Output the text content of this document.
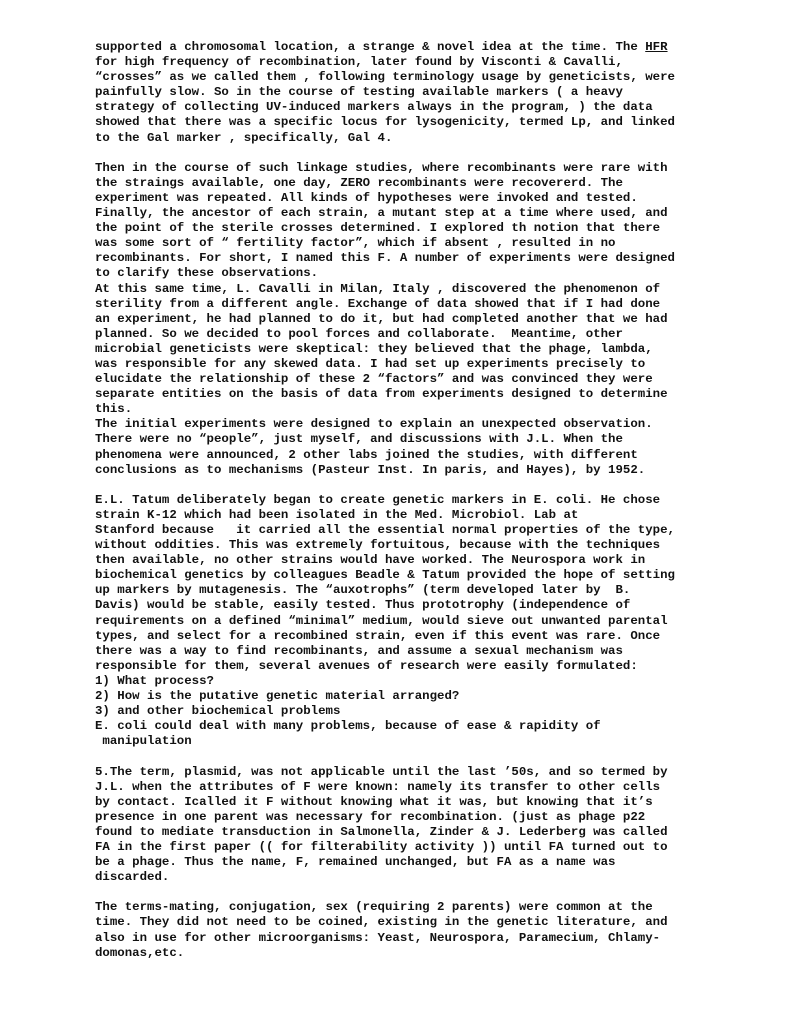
supported a chromosomal location, a strange & novel idea at the time. The HFR
for high frequency of recombination, later found by Visconti & Cavalli,
“crosses” as we called them , following terminology usage by geneticists, were
painfully slow. So in the course of testing available markers ( a heavy
strategy of collecting UV-induced markers always in the program, ) the data
showed that there was a specific locus for lysogenicity, termed Lp, and linked
to the Gal marker , specifically, Gal 4.
Then in the course of such linkage studies, where recombinants were rare with
the straings available, one day, ZERO recombinants were recovererd. The
experiment was repeated. All kinds of hypotheses were invoked and tested.
Finally, the ancestor of each strain, a mutant step at a time where used, and
the point of the sterile crosses determined. I explored th notion that there
was some sort of “ fertility factor”, which if absent , resulted in no
recombinants. For short, I named this F. A number of experiments were designed
to clarify these observations.
At this same time, L. Cavalli in Milan, Italy , discovered the phenomenon of
sterility from a different angle. Exchange of data showed that if I had done
an experiment, he had planned to do it, but had completed another that we had
planned. So we decided to pool forces and collaborate.  Meantime, other
microbial geneticists were skeptical: they believed that the phage, lambda,
was responsible for any skewed data. I had set up experiments precisely to
elucidate the relationship of these 2 “factors” and was convinced they were
separate entities on the basis of data from experiments designed to determine
this.
The initial experiments were designed to explain an unexpected observation.
There were no “people”, just myself, and discussions with J.L. When the
phenomena were announced, 2 other labs joined the studies, with different
conclusions as to mechanisms (Pasteur Inst. In paris, and Hayes), by 1952.
E.L. Tatum deliberately began to create genetic markers in E. coli. He chose
strain K-12 which had been isolated in the Med. Microbiol. Lab at
Stanford because   it carried all the essential normal properties of the type,
without oddities. This was extremely fortuitous, because with the techniques
then available, no other strains would have worked. The Neurospora work in
biochemical genetics by colleagues Beadle & Tatum provided the hope of setting
up markers by mutagenesis. The “auxotrophs” (term developed later by  B.
Davis) would be stable, easily tested. Thus prototrophy (independence of
requirements on a defined “minimal” medium, would sieve out unwanted parental
types, and select for a recombined strain, even if this event was rare. Once
there was a way to find recombinants, and assume a sexual mechanism was
responsible for them, several avenues of research were easily formulated:
1) What process?
2) How is the putative genetic material arranged?
3) and other biochemical problems
E. coli could deal with many problems, because of ease & rapidity of
manipulation
5.The term, plasmid, was not applicable until the last ’50s, and so termed by
J.L. when the attributes of F were known: namely its transfer to other cells
by contact. Icalled it F without knowing what it was, but knowing that it’s
presence in one parent was necessary for recombination. (just as phage p22
found to mediate transduction in Salmonella, Zinder & J. Lederberg was called
FA in the first paper (( for filterability activity )) until FA turned out to
be a phage. Thus the name, F, remained unchanged, but FA as a name was
discarded.
The terms-mating, conjugation, sex (requiring 2 parents) were common at the
time. They did not need to be coined, existing in the genetic literature, and
also in use for other microorganisms: Yeast, Neurospora, Paramecium, Chlamy-
domonas,etc.
